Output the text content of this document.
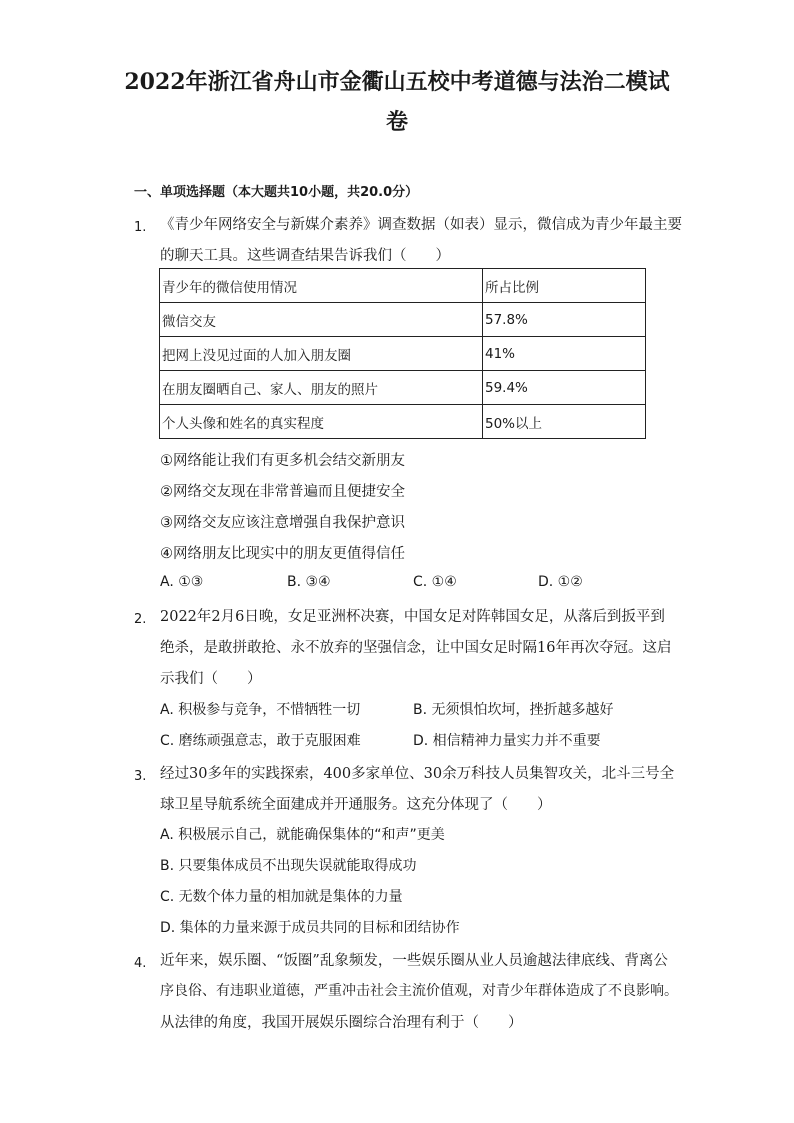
2022年浙江省舟山市金衢山五校中考道德与法治二模试
卷
一、单项选择题（本大题共10小题，共20.0分）
1. 《青少年网络安全与新媒介素养》调查数据（如表）显示，微信成为青少年最主要
的聊天工具。这些调查结果告诉我们（　　）
青少年的微信使用情况	所占比例
微信交友	57.8%
把网上没见过面的人加入朋友圈	41%
在朋友圈晒自己、家人、朋友的照片	59.4%
个人头像和姓名的真实程度	50%以上
①网络能让我们有更多机会结交新朋友
②网络交友现在非常普遍而且便捷安全
③网络交友应该注意增强自我保护意识
④网络朋友比现实中的朋友更值得信任
A. ①③	B. ③④	C. ①④	D. ①②
2. 2022年2月6日晚，女足亚洲杯决赛，中国女足对阵韩国女足，从落后到扳平到
绝杀，是敢拼敢抢、永不放弃的坚强信念，让中国女足时隔16年再次夺冠。这启
示我们（　　）
A. 积极参与竞争，不惜牺牲一切	B. 无须惧怕坎坷，挫折越多越好
C. 磨练顽强意志，敢于克服困难	D. 相信精神力量实力并不重要
3. 经过30多年的实践探索，400多家单位、30余万科技人员集智攻关，北斗三号全
球卫星导航系统全面建成并开通服务。这充分体现了（　　）
A. 积极展示自己，就能确保集体的“和声”更美
B. 只要集体成员不出现失误就能取得成功
C. 无数个体力量的相加就是集体的力量
D. 集体的力量来源于成员共同的目标和团结协作
4. 近年来，娱乐圈、“饭圈”乱象频发，一些娱乐圈从业人员逾越法律底线、背离公
序良俗、有违职业道德，严重冲击社会主流价值观，对青少年群体造成了不良影响。
从法律的角度，我国开展娱乐圈综合治理有利于（　　）
